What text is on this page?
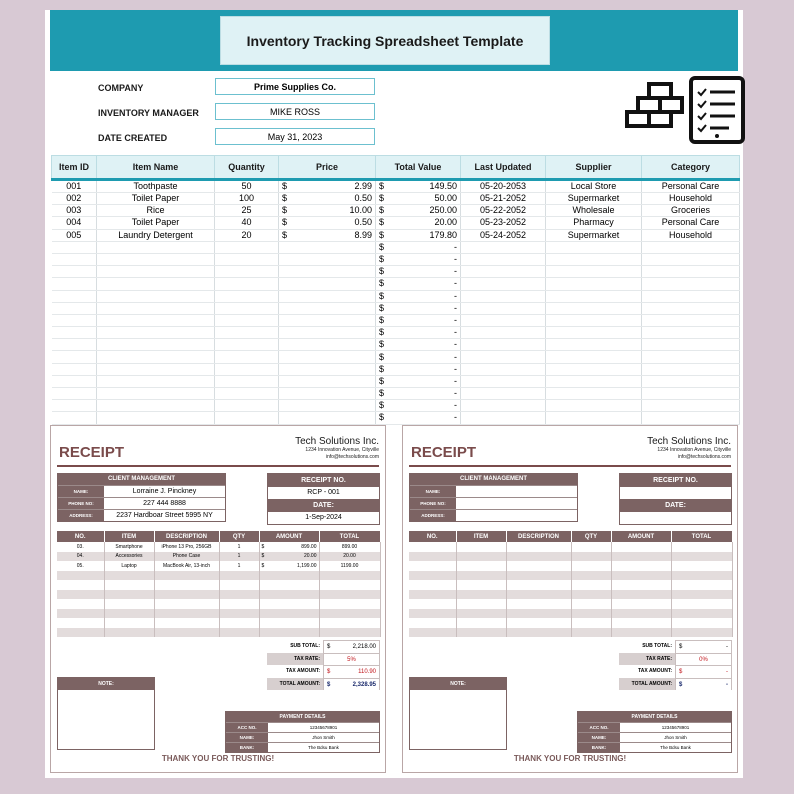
Inventory Tracking Spreadsheet Template
COMPANY	Prime Supplies Co.
INVENTORY MANAGER	MIKE ROSS
DATE CREATED	May 31, 2023
Item ID	Item Name	Quantity	Price	Total Value	Last Updated	Supplier	Category
001	Toothpaste	50	$ 2.99	$ 149.50	05-20-2053	Local Store	Personal Care
002	Toilet Paper	100	$ 0.50	$ 50.00	05-21-2052	Supermarket	Household
003	Rice	25	$ 10.00	$ 250.00	05-22-2052	Wholesale	Groceries
004	Toilet Paper	40	$ 0.50	$ 20.00	05-23-2052	Pharmacy	Personal Care
005	Laundry Detergent	20	$ 8.99	$ 179.80	05-24-2052	Supermarket	Household

				$ -			

				$ -			

				$ -			

				$ -			

				$ -			

				$ -			

				$ -			

				$ -			

				$ -			

				$ -			

				$ -			

				$ -			

				$ -			

				$ -			

				$ -			

RECEIPT
Tech Solutions Inc.
1234 Innovation Avenue, Cityville
info@techsolutions.com
CLIENT MANAGEMENT
NAME:	Lorraine J. Pinckney
PHONE NO:	227 444 8888
ADDRESS:	2237 Hardboar Street 5995 NY
RECEIPT NO.
RCP - 001
DATE:
1-Sep-2024
NO.	ITEM	DESCRIPTION	QTY	AMOUNT	TOTAL
03.	Smartphone	iPhone 13 Pro, 256GB	1	$ 899.00	899.00
04.	Accessories	Phone Case	1	$ 20.00	20.00
05.	Laptop	MacBook Air, 13-inch	1	$ 1,199.00	1199.00

SUB TOTAL:	$	2,218.00
TAX RATE:	5%
TAX AMOUNT:	$	110.90
TOTAL AMOUNT:	$	2,328.95
NOTE:
PAYMENT DETAILS
ACC NO.	12345678901
NAME:	Jhon Smith
BANK:	The Bdsu Bank
THANK YOU FOR TRUSTING!
RECEIPT
Tech Solutions Inc.
1234 Innovation Avenue, Cityville
info@techsolutions.com
CLIENT MANAGEMENT
NAME:
PHONE NO:
ADDRESS:
RECEIPT NO.
DATE:
NO.	ITEM	DESCRIPTION	QTY	AMOUNT	TOTAL

SUB TOTAL:	$	-
TAX RATE:	0%
TAX AMOUNT:	$	-
TOTAL AMOUNT:	$	-
NOTE:
PAYMENT DETAILS
ACC NO.	12345678901
NAME:	Jhon Smith
BANK:	The Bdsu Bank
THANK YOU FOR TRUSTING!
